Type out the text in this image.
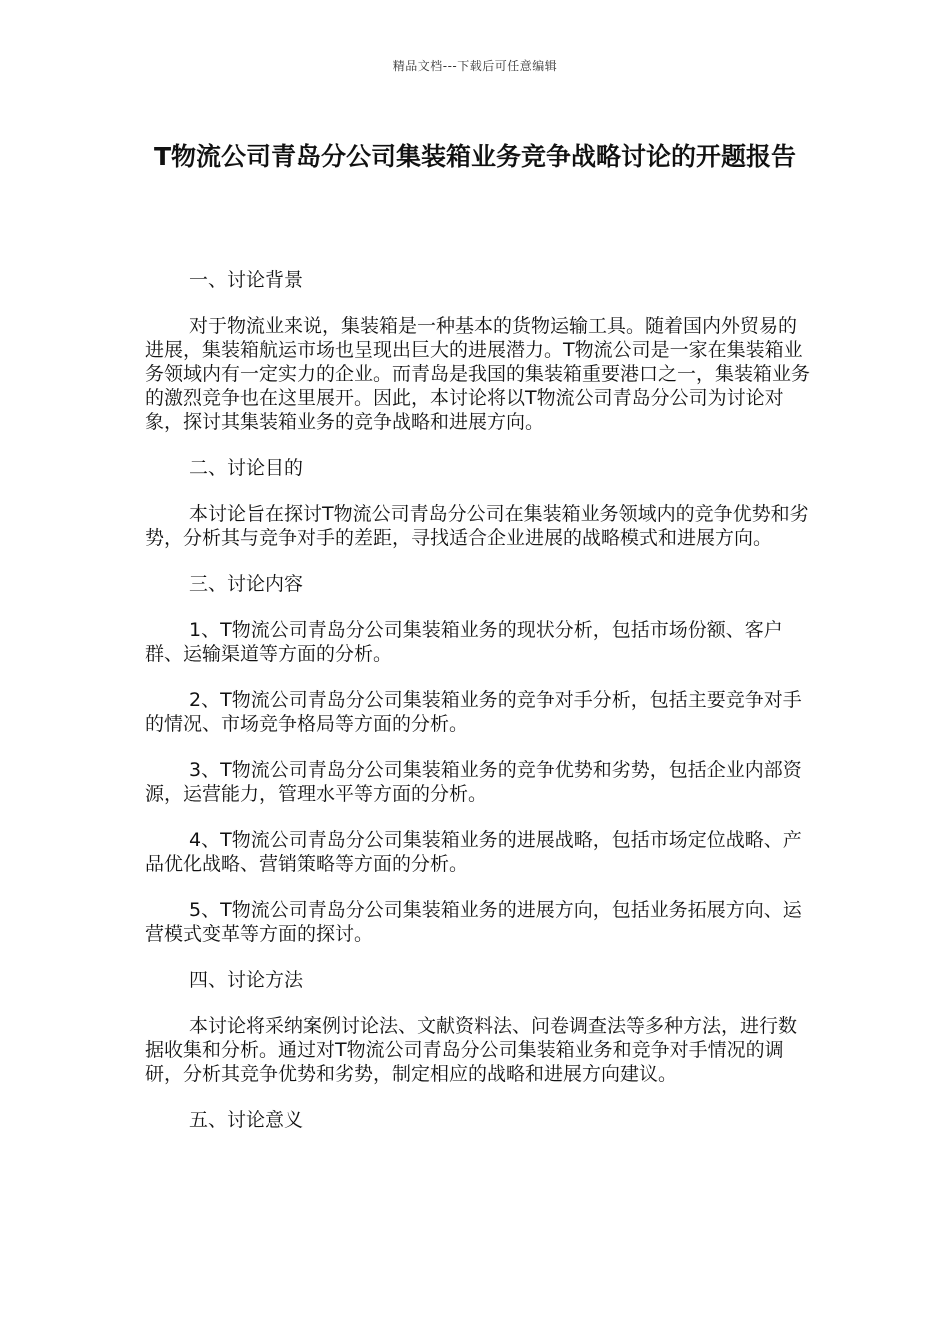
精品文档---下载后可任意编辑
T物流公司青岛分公司集装箱业务竞争战略讨论的开题报告

一、讨论背景

对于物流业来说，集装箱是一种基本的货物运输工具。随着国内外贸易的进展，集装箱航运市场也呈现出巨大的进展潜力。T物流公司是一家在集装箱业务领域内有一定实力的企业。而青岛是我国的集装箱重要港口之一，集装箱业务的激烈竞争也在这里展开。因此，本讨论将以T物流公司青岛分公司为讨论对象，探讨其集装箱业务的竞争战略和进展方向。

二、讨论目的

本讨论旨在探讨T物流公司青岛分公司在集装箱业务领域内的竞争优势和劣势，分析其与竞争对手的差距，寻找适合企业进展的战略模式和进展方向。

三、讨论内容

1、T物流公司青岛分公司集装箱业务的现状分析，包括市场份额、客户群、运输渠道等方面的分析。

2、T物流公司青岛分公司集装箱业务的竞争对手分析，包括主要竞争对手的情况、市场竞争格局等方面的分析。

3、T物流公司青岛分公司集装箱业务的竞争优势和劣势，包括企业内部资源，运营能力，管理水平等方面的分析。

4、T物流公司青岛分公司集装箱业务的进展战略，包括市场定位战略、产品优化战略、营销策略等方面的分析。

5、T物流公司青岛分公司集装箱业务的进展方向，包括业务拓展方向、运营模式变革等方面的探讨。

四、讨论方法

本讨论将采纳案例讨论法、文献资料法、问卷调查法等多种方法，进行数据收集和分析。通过对T物流公司青岛分公司集装箱业务和竞争对手情况的调研，分析其竞争优势和劣势，制定相应的战略和进展方向建议。

五、讨论意义
